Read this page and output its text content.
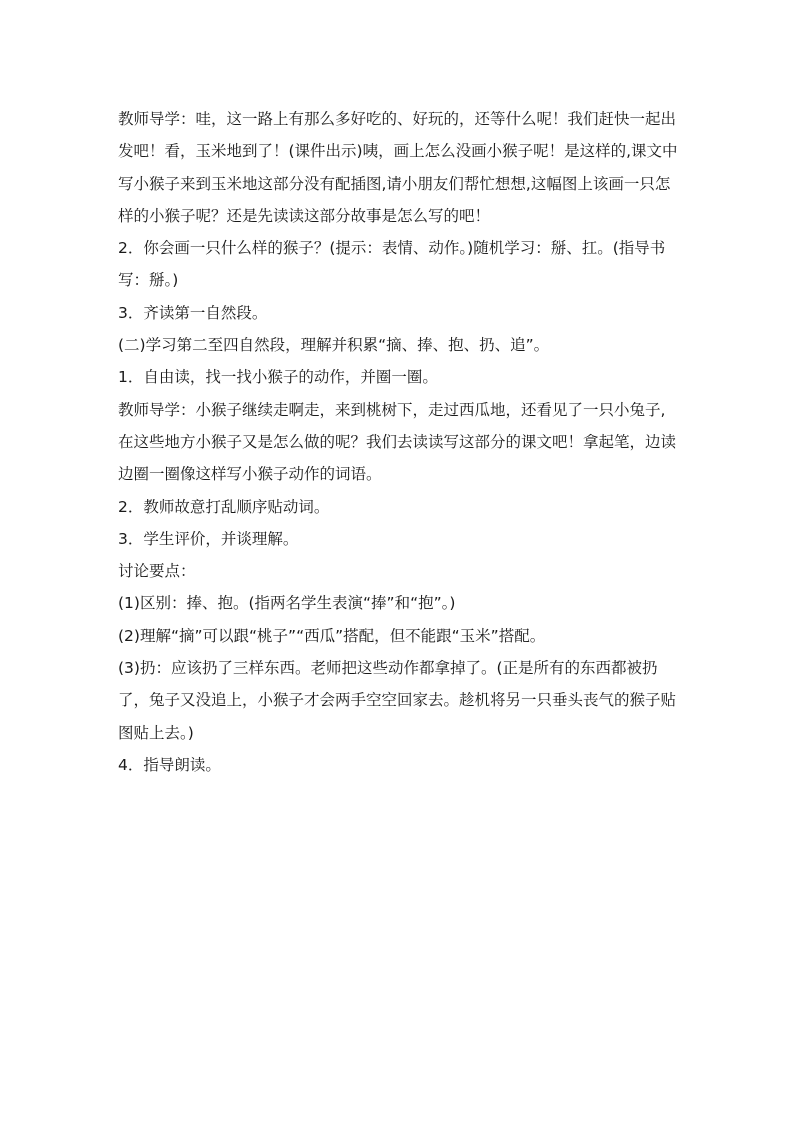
教师导学：哇，这一路上有那么多好吃的、好玩的，还等什么呢！我们赶快一起出发吧！看，玉米地到了！(课件出示)咦，画上怎么没画小猴子呢！是这样的,课文中写小猴子来到玉米地这部分没有配插图,请小朋友们帮忙想想,这幅图上该画一只怎样的小猴子呢？还是先读读这部分故事是怎么写的吧！

2．你会画一只什么样的猴子？(提示：表情、动作。)随机学习：掰、扛。(指导书写：掰。)

3．齐读第一自然段。

(二)学习第二至四自然段，理解并积累“摘、捧、抱、扔、追”。

1．自由读，找一找小猴子的动作，并圈一圈。

教师导学：小猴子继续走啊走，来到桃树下，走过西瓜地，还看见了一只小兔子,在这些地方小猴子又是怎么做的呢？我们去读读写这部分的课文吧！拿起笔，边读边圈一圈像这样写小猴子动作的词语。

2．教师故意打乱顺序贴动词。

3．学生评价，并谈理解。

讨论要点：

(1)区别：捧、抱。(指两名学生表演“捧”和“抱”。)

(2)理解“摘”可以跟“桃子”“西瓜”搭配，但不能跟“玉米”搭配。

(3)扔：应该扔了三样东西。老师把这些动作都拿掉了。(正是所有的东西都被扔了，兔子又没追上，小猴子才会两手空空回家去。趁机将另一只垂头丧气的猴子贴图贴上去。)

4．指导朗读。
